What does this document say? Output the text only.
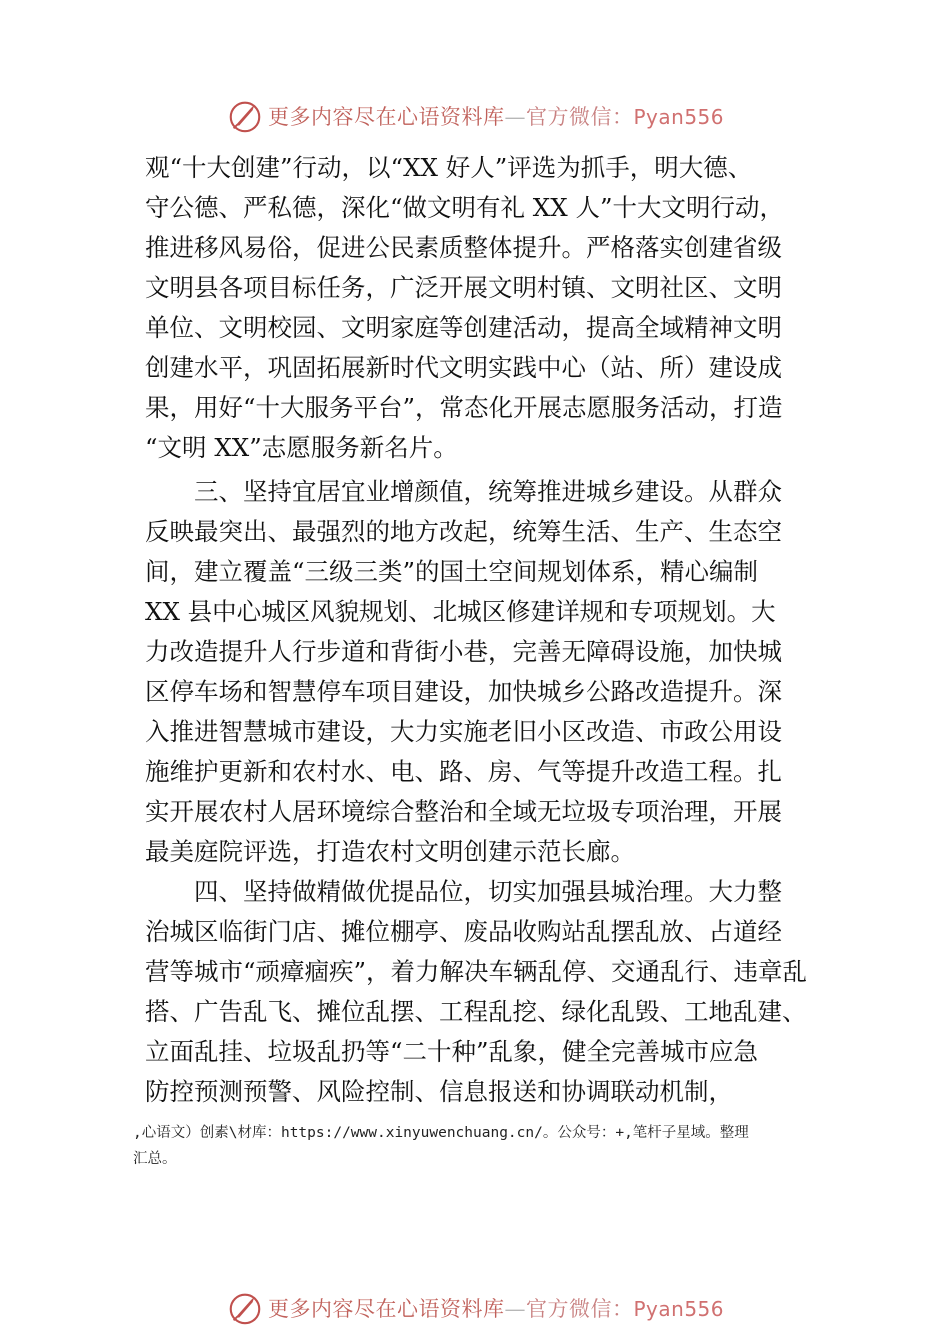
更多内容尽在心语资料库—官方微信：Pyan556
观“十大创建”行动，以“XX 好人”评选为抓手，明大德、
守公德、严私德，深化“做文明有礼 XX 人”十大文明行动，
推进移风易俗，促进公民素质整体提升。严格落实创建省级
文明县各项目标任务，广泛开展文明村镇、文明社区、文明
单位、文明校园、文明家庭等创建活动，提高全域精神文明
创建水平，巩固拓展新时代文明实践中心（站、所）建设成
果，用好“十大服务平台”，常态化开展志愿服务活动，打造
“文明 XX”志愿服务新名片。
三、坚持宜居宜业增颜值，统筹推进城乡建设。从群众
反映最突出、最强烈的地方改起，统筹生活、生产、生态空
间，建立覆盖“三级三类”的国土空间规划体系，精心编制
XX 县中心城区风貌规划、北城区修建详规和专项规划。大
力改造提升人行步道和背街小巷，完善无障碍设施，加快城
区停车场和智慧停车项目建设，加快城乡公路改造提升。深
入推进智慧城市建设，大力实施老旧小区改造、市政公用设
施维护更新和农村水、电、路、房、气等提升改造工程。扎
实开展农村人居环境综合整治和全域无垃圾专项治理，开展
最美庭院评选，打造农村文明创建示范长廊。
四、坚持做精做优提品位，切实加强县城治理。大力整
治城区临街门店、摊位棚亭、废品收购站乱摆乱放、占道经
营等城市“顽瘴痼疾”，着力解决车辆乱停、交通乱行、违章乱
搭、广告乱飞、摊位乱摆、工程乱挖、绿化乱毁、工地乱建、
立面乱挂、垃圾乱扔等“二十种”乱象，健全完善城市应急
防控预测预警、风险控制、信息报送和协调联动机制，
,心语文）创素\材库：https://www.xinyuwenchuang.cn/。公众号：+,笔杆子星域。整理
汇总。
更多内容尽在心语资料库—官方微信：Pyan556
